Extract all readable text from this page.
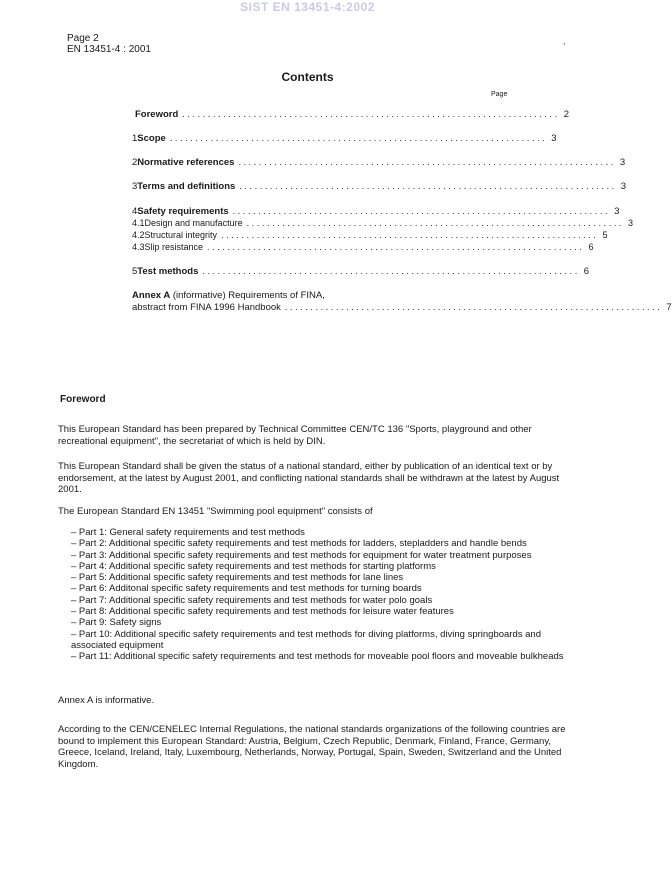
SIST EN 13451-4:2002
Page 2
EN 13451-4 : 2001
,
Contents
Page
Foreword .......................................................................... 2
1 Scope .......................................................................... 3
2 Normative references .......................................................................... 3
3 Terms and definitions .......................................................................... 3
4 Safety requirements .......................................................................... 3
4.1 Design and manufacture .......................................................................... 3
4.2 Structural integrity .......................................................................... 5
4.3 Slip resistance .......................................................................... 6
5 Test methods .......................................................................... 6
Annex A (informative) Requirements of FINA,
abstract from FINA 1996 Handbook .......................................................................... 7
Foreword
This European Standard has been prepared by Technical Committee CEN/TC 136 "Sports, playground and other recreational equipment", the secretariat of which is held by DIN.
This European Standard shall be given the status of a national standard, either by publication of an identical text or by endorsement, at the latest by August 2001, and conflicting national standards shall be withdrawn at the latest by August 2001.
The European Standard EN 13451 "Swimming pool equipment" consists of
– Part 1: General safety requirements and test methods
– Part 2: Additional specific safety requirements and test methods for ladders, stepladders and handle bends
– Part 3: Additional specific safety requirements and test methods for equipment for water treatment purposes
– Part 4: Additional specific safety requirements and test methods for starting platforms
– Part 5: Additional specific safety requirements and test methods for lane lines
– Part 6: Additonal specific safety requirements and test methods for turning boards
– Part 7: Additional specific safety requirements and test methods for water polo goals
– Part 8: Additional specific safety requirements and test methods for leisure water features
– Part 9: Safety signs
– Part 10: Additional specific safety requirements and test methods for diving platforms, diving springboards and associated equipment
– Part 11: Additional specific safety requirements and test methods for moveable pool floors and moveable bulkheads
Annex A is informative.
According to the CEN/CENELEC Internal Regulations, the national standards organizations of the following countries are bound to implement this European Standard: Austria, Belgium, Czech Republic, Denmark, Finland, France, Germany, Greece, Iceland, Ireland, Italy, Luxembourg, Netherlands, Norway, Portugal, Spain, Sweden, Switzerland and the United Kingdom.
